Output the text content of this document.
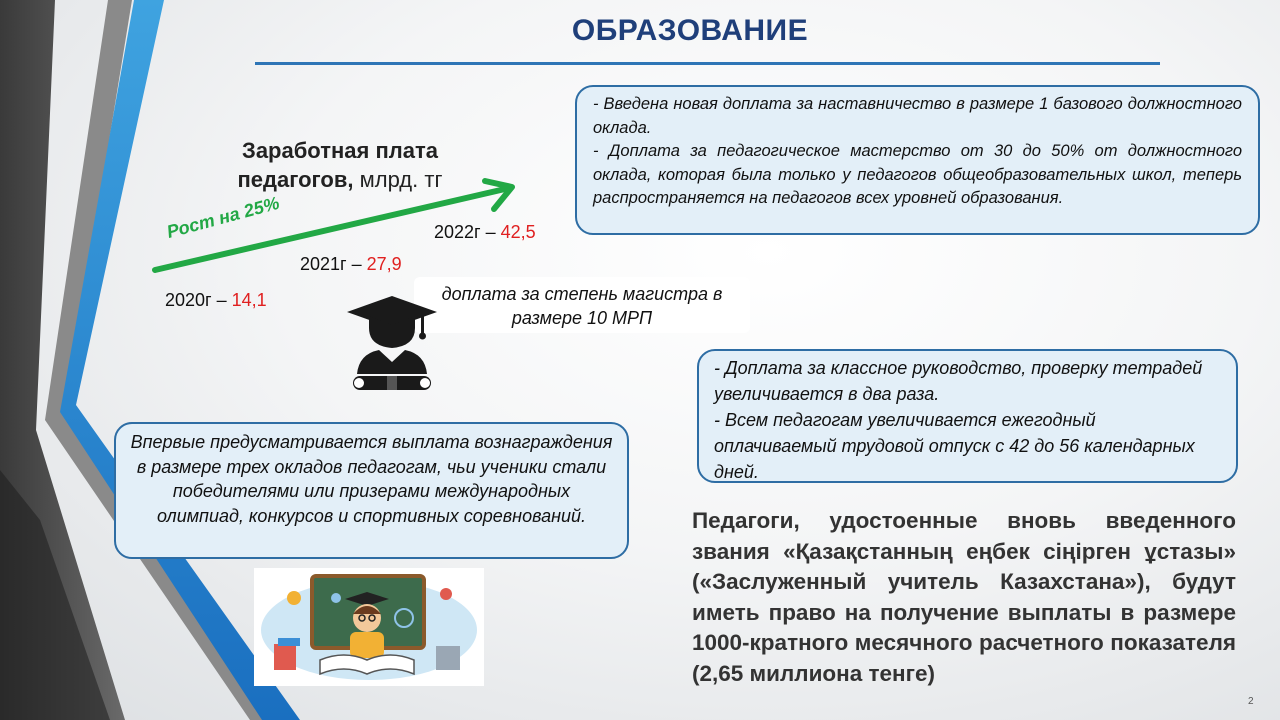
ОБРАЗОВАНИЕ
Заработная плата педагогов, млрд. тг
Рост на 25%
2020г – 14,1
2021г – 27,9
2022г – 42,5

- Введена новая доплата за наставничество в размере 1 базового должностного оклада.

- Доплата за педагогическое мастерство от 30 до 50% от должностного оклада, которая была только у педагогов общеобразовательных школ, теперь распространяется на педагогов всех уровней образования.

доплата за степень магистра в размере 10 МРП

- Доплата за классное руководство, проверку тетрадей увеличивается в два раза.

- Всем педагогам увеличивается ежегодный оплачиваемый трудовой отпуск с 42 до 56 календарных дней.

Впервые предусматривается выплата вознаграждения в размере трех окладов педагогам, чьи ученики стали победителями или призерами международных олимпиад, конкурсов и спортивных соревнований.	Педагоги, удостоенные вновь введенного звания «Қазақстанның еңбек сіңірген ұстазы» («Заслуженный учитель Казахстана»), будут иметь право на получение выплаты в размере 1000-кратного месячного расчетного показателя (2,65 миллиона тенге)
2
